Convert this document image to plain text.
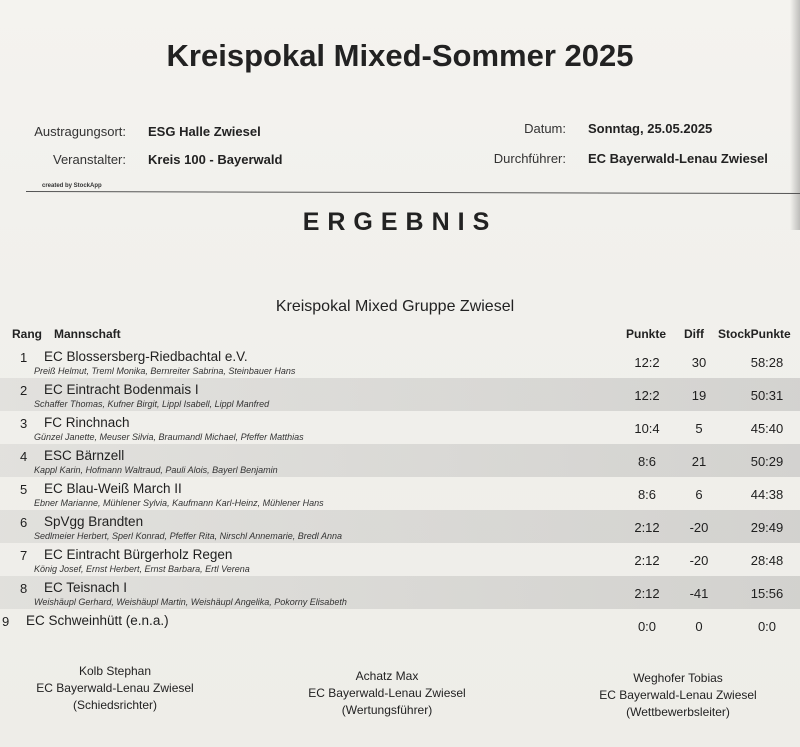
Kreispokal Mixed-Sommer 2025
Austragungsort: ESG Halle Zwiesel
Veranstalter: Kreis 100 - Bayerwald
Datum: Sonntag, 25.05.2025
Durchführer: EC Bayerwald-Lenau Zwiesel
created by StockApp
ERGEBNIS
Kreispokal Mixed Gruppe Zwiesel
Rang Mannschaft	Punkte Diff StockPunkte
1 EC Blossersberg-Riedbachtal e.V.
Preiß Helmut, Treml Monika, Bernreiter Sabrina, Steinbauer Hans
12:2	30	58:28
2 EC Eintracht Bodenmais I
Schaffer Thomas, Kufner Birgit, Lippl Isabell, Lippl Manfred
12:2	19	50:31
3 FC Rinchnach
Günzel Janette, Meuser Silvia, Braumandl Michael, Pfeffer Matthias
10:4	5	45:40
4 ESC Bärnzell
Kappl Karin, Hofmann Waltraud, Pauli Alois, Bayerl Benjamin
8:6	21	50:29
5 EC Blau-Weiß March II
Ebner Marianne, Mühlener Sylvia, Kaufmann Karl-Heinz, Mühlener Hans
8:6	6	44:38
6 SpVgg Brandten
Sedlmeier Herbert, Sperl Konrad, Pfeffer Rita, Nirschl Annemarie, Bredl Anna
2:12	-20	29:49
7 EC Eintracht Bürgerholz Regen
König Josef, Ernst Herbert, Ernst Barbara, Ertl Verena
2:12	-20	28:48
8 EC Teisnach I
Weishäupl Gerhard, Weishäupl Martin, Weishäupl Angelika, Pokorny Elisabeth
2:12	-41	15:56
9 EC Schweinhütt (e.n.a.)	0:0	0	0:0
Kolb Stephan
EC Bayerwald-Lenau Zwiesel
(Schiedsrichter)
Achatz Max
EC Bayerwald-Lenau Zwiesel
(Wertungsführer)
Weghofer Tobias
EC Bayerwald-Lenau Zwiesel
(Wettbewerbsleiter)
